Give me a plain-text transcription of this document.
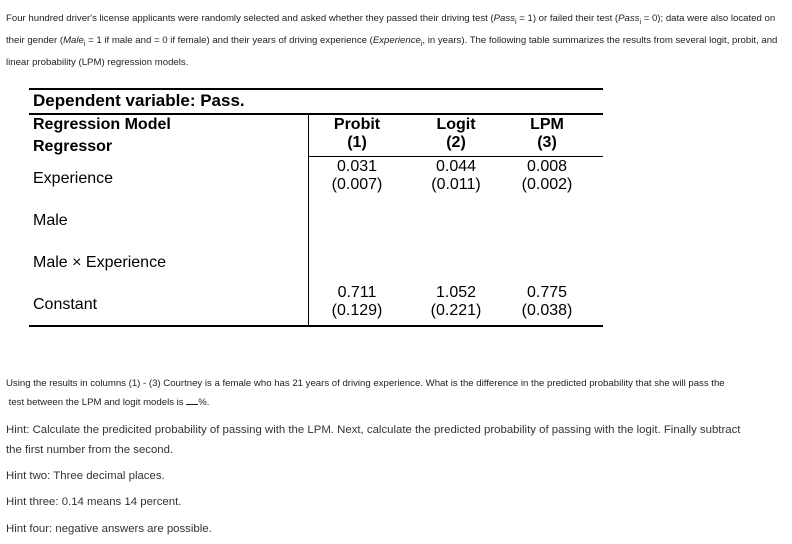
Four hundred driver's license applicants were randomly selected and asked whether they passed their driving test (Pass$_i$ = 1) or failed their test (Pass$_i$ = 0); data were also located on
their gender (Male$_i$ = 1 if male and = 0 if female) and their years of driving experience (Experience$_i$, in years). The following table summarizes the results from several logit, probit, and
linear probability (LPM) regression models.
Dependent variable: Pass.
Regression Model
Regressor
Probit
(1)
Logit
(2)
LPM
(3)
Experience
Male
Male × Experience
Constant
0.031
(0.007)
0.044
(0.011)
0.008
(0.002)
0.711
(0.129)
1.052
(0.221)
0.775
(0.038)
Using the results in columns (1) - (3) Courtney is a female who has 21 years of driving experience. What is the difference in the predicted probability that she will pass the
test between the LPM and logit models is %.
Hint: Calculate the predicited probability of passing with the LPM. Next, calculate the predicted probability of passing with the logit. Finally subtract
the first number from the second.
Hint two: Three decimal places.
Hint three: 0.14 means 14 percent.
Hint four: negative answers are possible.
